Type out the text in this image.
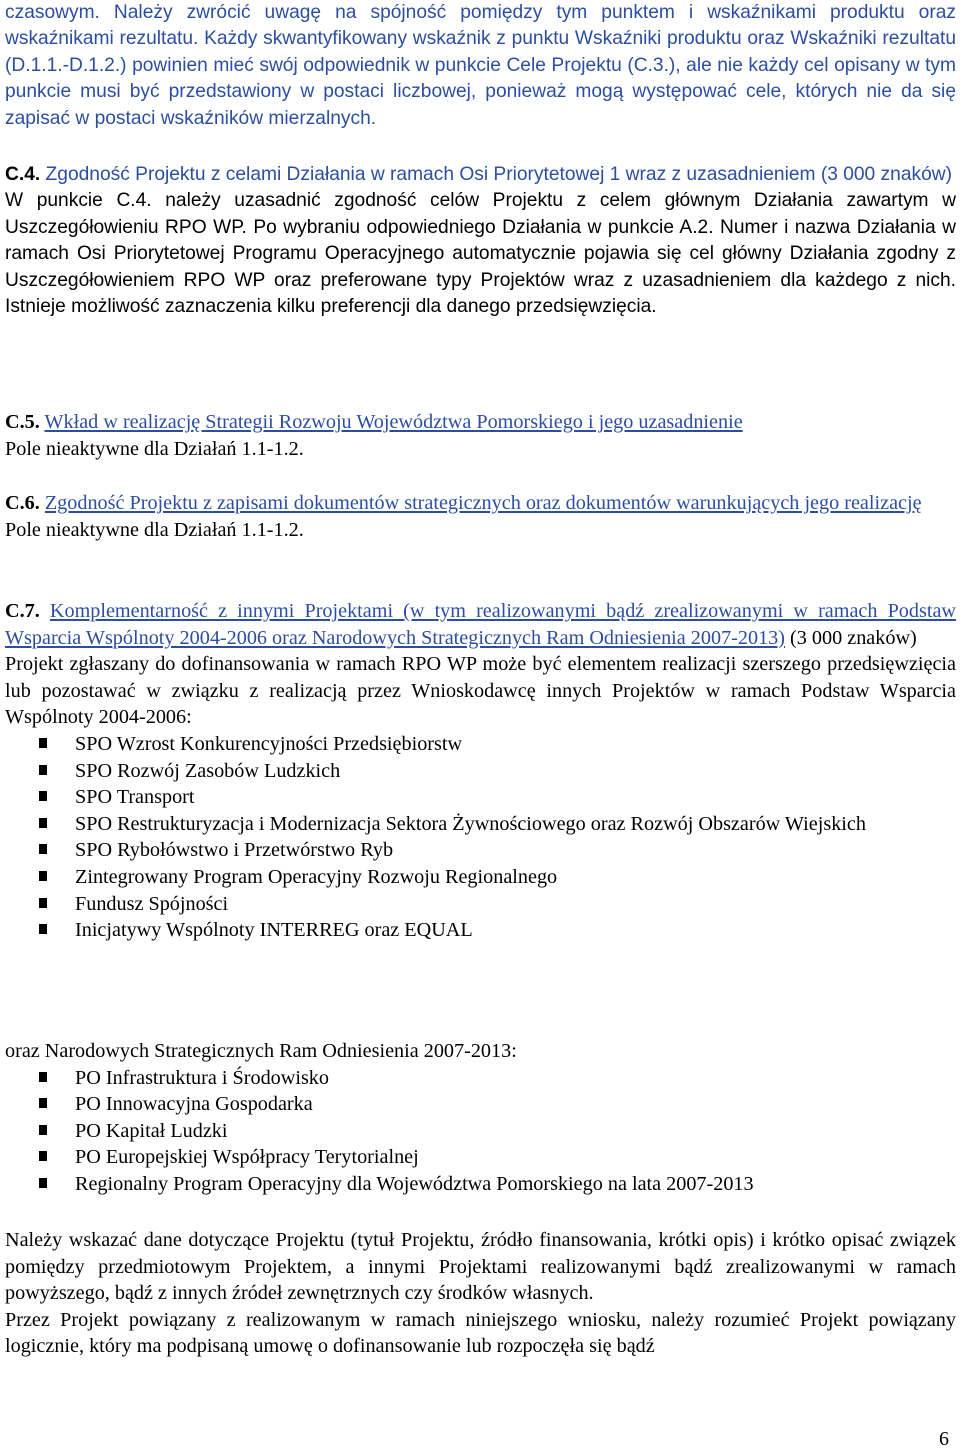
czasowym. Należy zwrócić uwagę na spójność pomiędzy tym punktem i wskaźnikami produktu oraz wskaźnikami rezultatu. Każdy skwantyfikowany wskaźnik z punktu Wskaźniki produktu oraz Wskaźniki rezultatu (D.1.1.-D.1.2.) powinien mieć swój odpowiednik w punkcie Cele Projektu (C.3.), ale nie każdy cel opisany w tym punkcie musi być przedstawiony w postaci liczbowej, ponieważ mogą występować cele, których nie da się zapisać w postaci wskaźników mierzalnych.

C.4. Zgodność Projektu z celami Działania w ramach Osi Priorytetowej 1 wraz z uzasadnieniem (3 000 znaków)

W punkcie C.4. należy uzasadnić zgodność celów Projektu z celem głównym Działania zawartym w Uszczegółowieniu RPO WP. Po wybraniu odpowiedniego Działania w punkcie A.2. Numer i nazwa Działania w ramach Osi Priorytetowej Programu Operacyjnego automatycznie pojawia się cel główny Działania zgodny z Uszczegółowieniem RPO WP oraz preferowane typy Projektów wraz z uzasadnieniem dla każdego z nich. Istnieje możliwość zaznaczenia kilku preferencji dla danego przedsięwzięcia.

C.5. Wkład w realizację Strategii Rozwoju Województwa Pomorskiego i jego uzasadnienie

Pole nieaktywne dla Działań 1.1-1.2.

C.6. Zgodność Projektu z zapisami dokumentów strategicznych oraz dokumentów warunkujących jego realizację

Pole nieaktywne dla Działań 1.1-1.2.

C.7. Komplementarność z innymi Projektami (w tym realizowanymi bądź zrealizowanymi w ramach Podstaw Wsparcia Wspólnoty 2004-2006 oraz Narodowych Strategicznych Ram Odniesienia 2007-2013) (3 000 znaków)

Projekt zgłaszany do dofinansowania w ramach RPO WP może być elementem realizacji szerszego przedsięwzięcia lub pozostawać w związku z realizacją przez Wnioskodawcę innych Projektów w ramach Podstaw Wsparcia Wspólnoty 2004-2006:

SPO Wzrost Konkurencyjności Przedsiębiorstw
SPO Rozwój Zasobów Ludzkich
SPO Transport
SPO Restrukturyzacja i Modernizacja Sektora Żywnościowego oraz Rozwój Obszarów Wiejskich
SPO Rybołówstwo i Przetwórstwo Ryb
Zintegrowany Program Operacyjny Rozwoju Regionalnego
Fundusz Spójności
Inicjatywy Wspólnoty INTERREG oraz EQUAL

oraz Narodowych Strategicznych Ram Odniesienia 2007-2013:

PO Infrastruktura i Środowisko
PO Innowacyjna Gospodarka
PO Kapitał Ludzki
PO Europejskiej Współpracy Terytorialnej
Regionalny Program Operacyjny dla Województwa Pomorskiego na lata 2007-2013

Należy wskazać dane dotyczące Projektu (tytuł Projektu, źródło finansowania, krótki opis) i krótko opisać związek pomiędzy przedmiotowym Projektem, a innymi Projektami realizowanymi bądź zrealizowanymi w ramach powyższego, bądź z innych źródeł zewnętrznych czy środków własnych.

Przez Projekt powiązany z realizowanym w ramach niniejszego wniosku, należy rozumieć Projekt powiązany logicznie, który ma podpisaną umowę o dofinansowanie lub rozpoczęła się bądź

6
